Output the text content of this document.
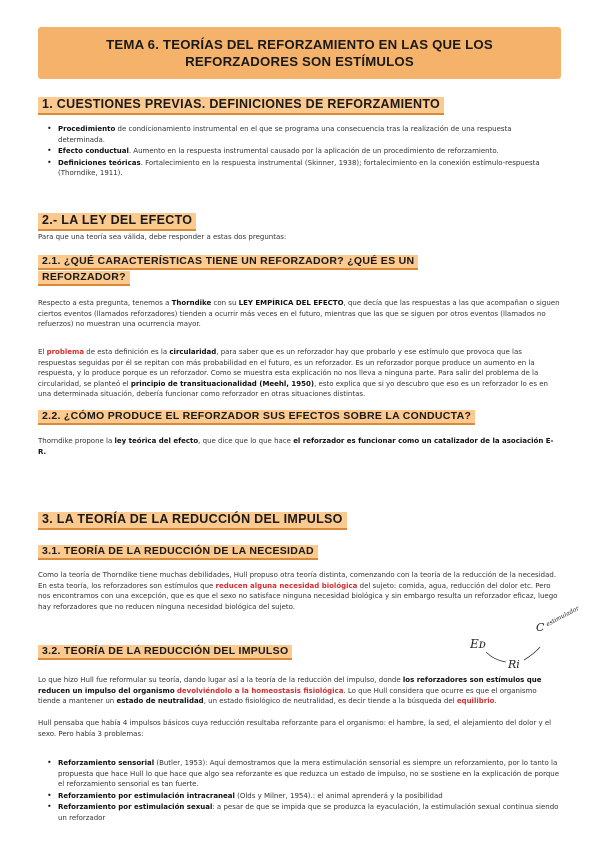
TEMA 6. TEORÍAS DEL REFORZAMIENTO EN LAS QUE LOS
REFORZADORES SON ESTÍMULOS
1. CUESTIONES PREVIAS. DEFINICIONES DE REFORZAMIENTO
• Procedimiento de condicionamiento instrumental en el que se programa una consecuencia tras la realización de una respuesta determinada.
• Efecto conductual. Aumento en la respuesta instrumental causado por la aplicación de un procedimiento de reforzamiento.
• Definiciones teóricas. Fortalecimiento en la respuesta instrumental (Skinner, 1938); fortalecimiento en la conexión estímulo-respuesta (Thorndike, 1911).
2.- LA LEY DEL EFECTO
Para que una teoría sea válida, debe responder a estas dos preguntas:
2.1. ¿QUÉ CARACTERÍSTICAS TIENE UN REFORZADOR? ¿QUÉ ES UN
REFORZADOR?
Respecto a esta pregunta, tenemos a Thorndike con su LEY EMPÍRICA DEL EFECTO, que decía que las respuestas a las que acompañan o siguen ciertos eventos (llamados reforzadores) tienden a ocurrir más veces en el futuro, mientras que las que se siguen por otros eventos (llamados no refuerzos) no muestran una ocurrencia mayor.
El problema de esta definición es la circularidad, para saber que es un reforzador hay que probarlo y ese estímulo que provoca que las respuestas seguidas por él se repitan con más probabilidad en el futuro, es un reforzador. Es un reforzador porque produce un aumento en la respuesta, y lo produce porque es un reforzador. Como se muestra esta explicación no nos lleva a ninguna parte. Para salir del problema de la circularidad, se planteó el principio de transituacionalidad (Meehl, 1950), esto explica que si yo descubro que eso es un reforzador lo es en una determinada situación, debería funcionar como reforzador en otras situaciones distintas.
2.2. ¿CÓMO PRODUCE EL REFORZADOR SUS EFECTOS SOBRE LA CONDUCTA?
Thorndike propone la ley teórica del efecto, que dice que lo que hace el reforzador es funcionar como un catalizador de la asociación E-R.
3. LA TEORÍA DE LA REDUCCIÓN DEL IMPULSO
3.1. TEORÍA DE LA REDUCCIÓN DE LA NECESIDAD
Como la teoría de Thorndike tiene muchas debilidades, Hull propuso otra teoría distinta, comenzando con la teoría de la reducción de la necesidad. En esta teoría, los reforzadores son estímulos que reducen alguna necesidad biológica del sujeto: comida, agua, reducción del dolor etc. Pero nos encontramos con una excepción, que es que el sexo no satisface ninguna necesidad biológica y sin embargo resulta un reforzador eficaz, luego hay reforzadores que no reducen ninguna necesidad biológica del sujeto.
3.2. TEORÍA DE LA REDUCCIÓN DEL IMPULSO	Eᴅ
Ri
C estimulador
Lo que hizo Hull fue reformular su teoría, dando lugar así a la teoría de la reducción del impulso, donde los reforzadores son estímulos que reducen un impulso del organismo devolviéndolo a la homeostasis fisiológica. Lo que Hull considera que ocurre es que el organismo tiende a mantener un estado de neutralidad, un estado fisiológico de neutralidad, es decir tiende a la búsqueda del equilibrio.
Hull pensaba que había 4 impulsos básicos cuya reducción resultaba reforzante para el organismo: el hambre, la sed, el alejamiento del dolor y el sexo. Pero había 3 problemas:
• Reforzamiento sensorial (Butler, 1953): Aquí demostramos que la mera estimulación sensorial es siempre un reforzamiento, por lo tanto la propuesta que hace Hull lo que hace que algo sea reforzante es que reduzca un estado de impulso, no se sostiene en la explicación de porque el reforzamiento sensorial es tan fuerte.
• Reforzamiento por estimulación intracraneal (Olds y Milner, 1954).: el animal aprenderá y la posibilidad
• Reforzamiento por estimulación sexual: a pesar de que se impida que se produzca la eyaculación, la estimulación sexual continua siendo un reforzador
